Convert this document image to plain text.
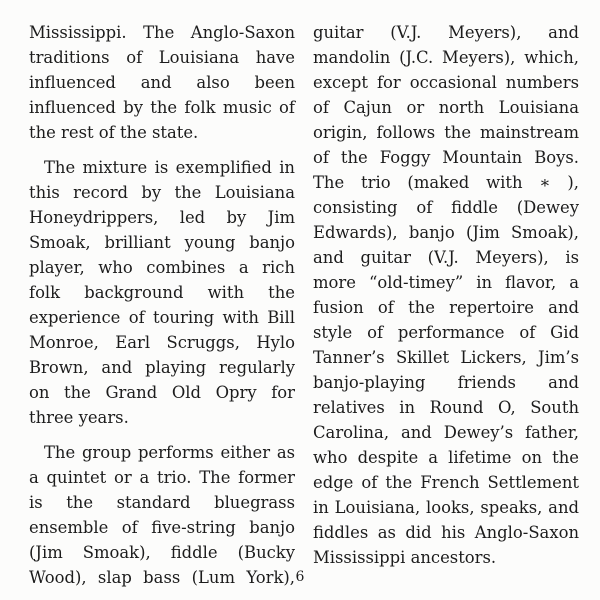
Mississippi. The Anglo-Saxon
traditions of Louisiana have
influenced and also been
influenced by the folk music of
the rest of the state.

The mixture is exemplified in
this record by the Louisiana
Honeydrippers, led by Jim
Smoak, brilliant young banjo
player, who combines a rich
folk background with the
experience of touring with Bill
Monroe, Earl Scruggs, Hylo
Brown, and playing regularly
on the Grand Old Opry for
three years.

The group performs either as
a quintet or a trio. The former
is the standard bluegrass
ensemble of five-string banjo
(Jim Smoak), fiddle (Bucky
Wood), slap bass (Lum York),

guitar (V.J. Meyers), and
mandolin (J.C. Meyers), which,
except for occasional numbers
of Cajun or north Louisiana
origin, follows the mainstream
of the Foggy Mountain Boys.
The trio (maked with ∗ ),
consisting of fiddle (Dewey
Edwards), banjo (Jim Smoak),
and guitar (V.J. Meyers), is
more “old-timey” in flavor, a
fusion of the repertoire and
style of performance of Gid
Tanner’s Skillet Lickers, Jim’s
banjo-playing friends and
relatives in Round O, South
Carolina, and Dewey’s father,
who despite a lifetime on the
edge of the French Settlement
in Louisiana, looks, speaks, and
fiddles as did his Anglo-Saxon
Mississippi ancestors.

6
